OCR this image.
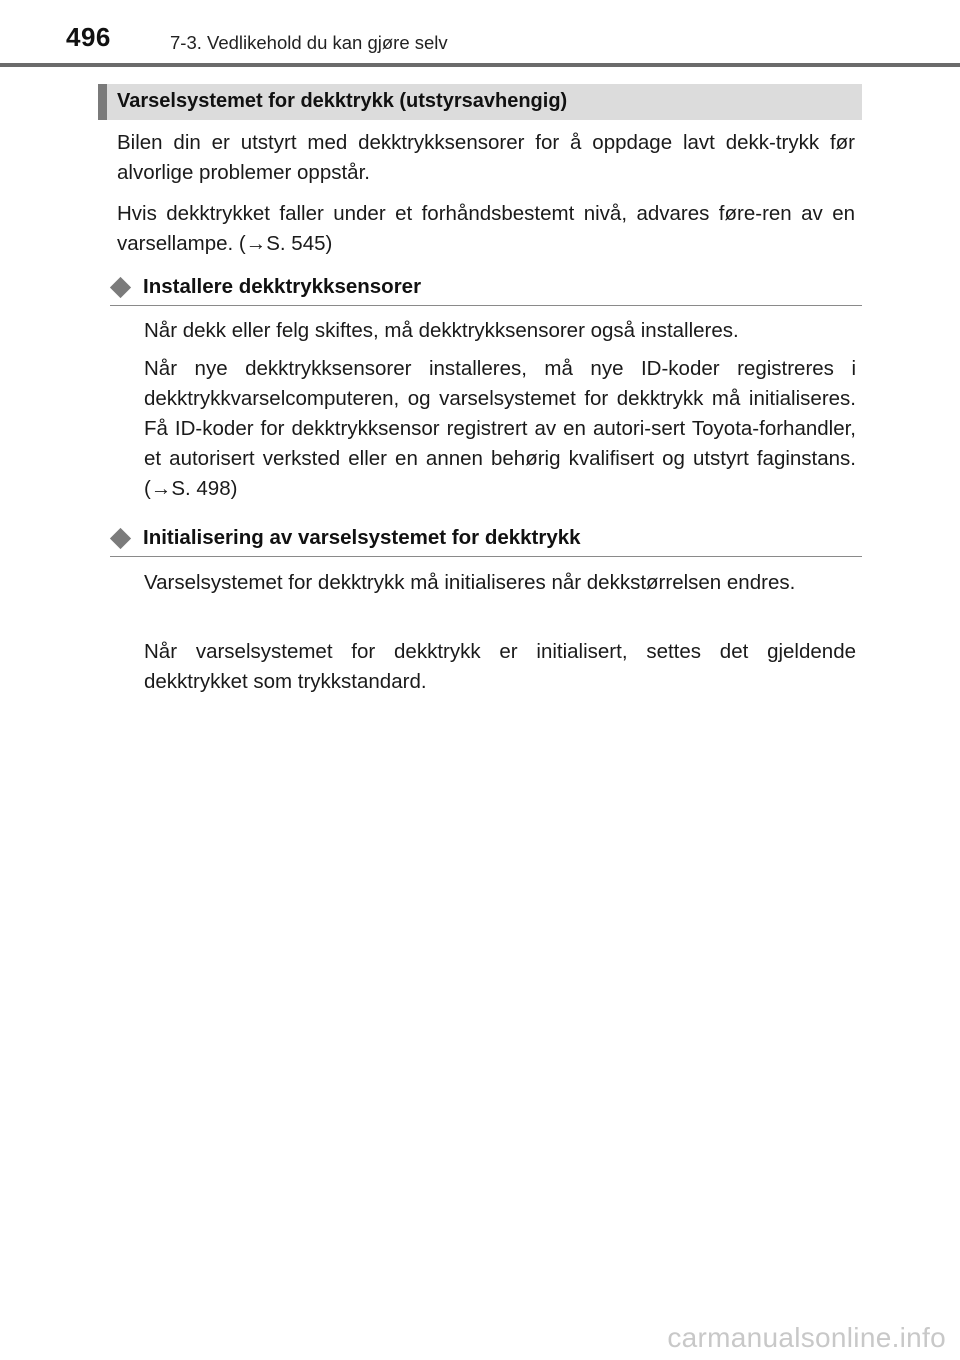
496	7-3. Vedlikehold du kan gjøre selv
Varselsystemet for dekktrykk (utstyrsavhengig)
Bilen din er utstyrt med dekktrykksensorer for å oppdage lavt dekk-trykk før alvorlige problemer oppstår.
Hvis dekktrykket faller under et forhåndsbestemt nivå, advares føre-ren av en varsellampe. (→S. 545)
Installere dekktrykksensorer
Når dekk eller felg skiftes, må dekktrykksensorer også installeres.
Når nye dekktrykksensorer installeres, må nye ID-koder registreres i dekktrykkvarselcomputeren, og varselsystemet for dekktrykk må initialiseres. Få ID-koder for dekktrykksensor registrert av en autori-sert Toyota-forhandler, et autorisert verksted eller en annen behørig kvalifisert og utstyrt faginstans. (→S. 498)
Initialisering av varselsystemet for dekktrykk
Varselsystemet for dekktrykk må initialiseres når dekkstørrelsen endres.
Når varselsystemet for dekktrykk er initialisert, settes det gjeldende dekktrykket som trykkstandard.
carmanualsonline.info
